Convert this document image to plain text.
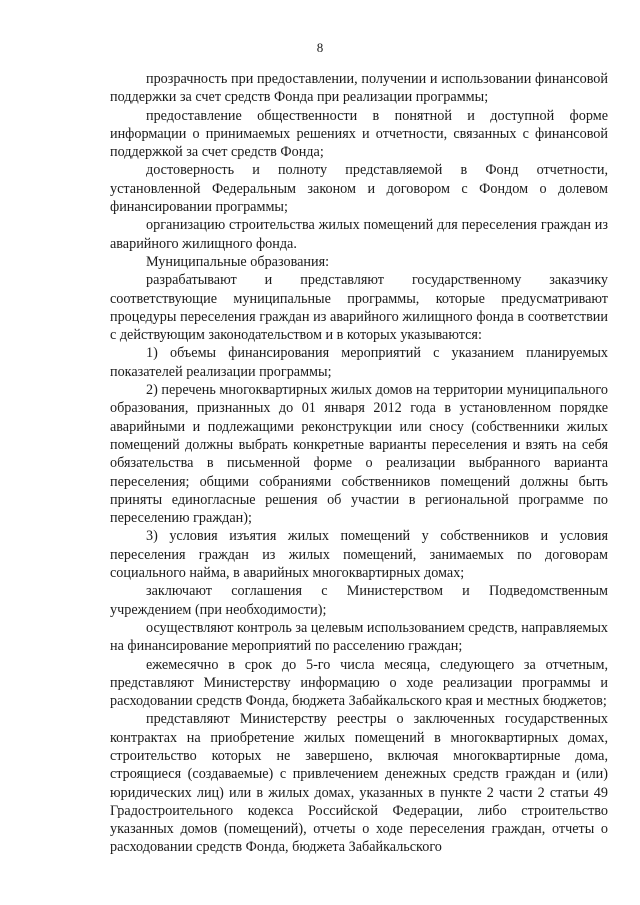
8

прозрачность при предоставлении, получении и использовании финансовой поддержки за счет средств Фонда при реализации программы;

предоставление общественности в понятной и доступной форме информации о принимаемых решениях и отчетности, связанных с финансовой поддержкой за счет средств Фонда;

достоверность и полноту представляемой в Фонд отчетности, установленной Федеральным законом и договором с Фондом о долевом финансировании программы;

организацию строительства жилых помещений для переселения граждан из аварийного жилищного фонда.

Муниципальные образования:

разрабатывают и представляют государственному заказчику соответствующие муниципальные программы, которые предусматривают процедуры переселения граждан из аварийного жилищного фонда в соответствии с действующим законодательством и в которых указываются:

1) объемы финансирования мероприятий с указанием планируемых показателей реализации программы;

2) перечень многоквартирных жилых домов на территории муниципального образования, признанных до 01 января 2012 года в установленном порядке аварийными и подлежащими реконструкции или сносу (собственники жилых помещений должны выбрать конкретные варианты переселения и взять на себя обязательства в письменной форме о реализации выбранного варианта переселения; общими собраниями собственников помещений должны быть приняты единогласные решения об участии в региональной программе по переселению граждан);

3) условия изъятия жилых помещений у собственников и условия переселения граждан из жилых помещений, занимаемых по договорам социального найма, в аварийных многоквартирных домах;

заключают соглашения с Министерством и Подведомственным учреждением (при необходимости);

осуществляют контроль за целевым использованием средств, направляемых на финансирование мероприятий по расселению граждан;

ежемесячно в срок до 5-го числа месяца, следующего за отчетным, представляют Министерству информацию о ходе реализации программы и расходовании средств Фонда, бюджета Забайкальского края и местных бюджетов;

представляют Министерству реестры о заключенных государственных контрактах на приобретение жилых помещений в многоквартирных домах, строительство которых не завершено, включая многоквартирные дома, строящиеся (создаваемые) с привлечением денежных средств граждан и (или) юридических лиц) или в жилых домах, указанных в пункте 2 части 2 статьи 49 Градостроительного кодекса Российской Федерации, либо строительство указанных домов (помещений), отчеты о ходе переселения граждан, отчеты о расходовании средств Фонда, бюджета Забайкальского
